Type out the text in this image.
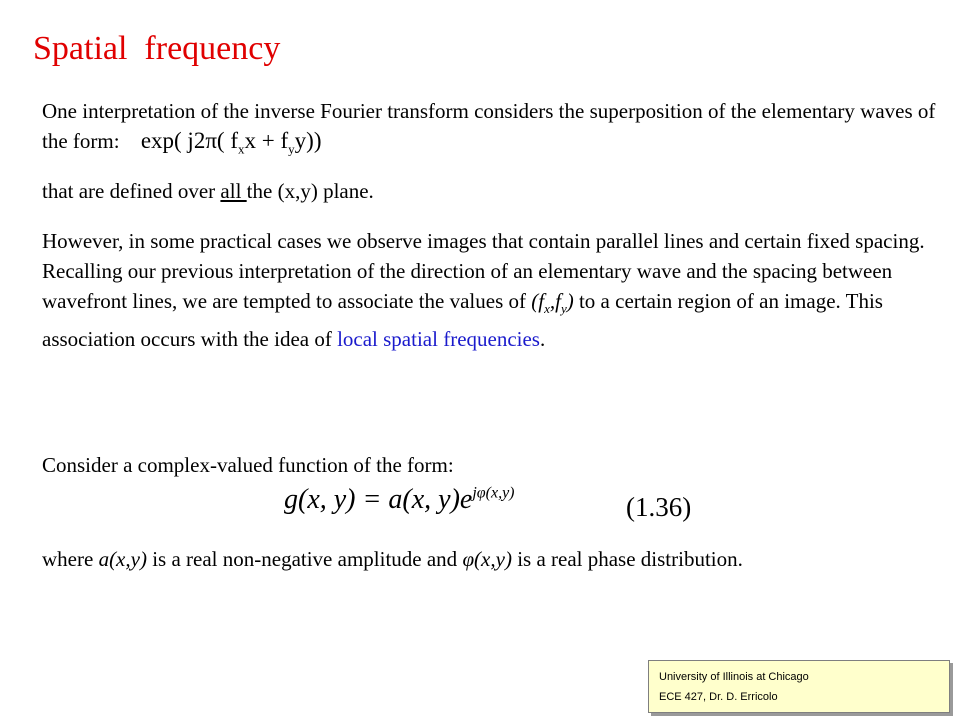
Spatial  frequency
One interpretation of the inverse Fourier transform considers the superposition of the elementary waves of the form: exp( j2π( $f_xx + f_yy$))
that are defined over all the (x,y) plane.
However, in some practical cases we observe images that contain parallel lines and certain fixed spacing. Recalling our previous interpretation of the direction of an elementary wave and the spacing between wavefront lines, we are tempted to associate the values of $(f_x,f_y)$ to a certain region of an image. This association occurs with the idea of local spatial frequencies.
Consider a complex-valued function of the form:
g(x, y) = a(x, $y)e^{j\varphi(x,y)}$	(1.36)
where a(x,y) is a real non-negative amplitude and φ(x,y) is a real phase distribution.
University of Illinois at Chicago
ECE 427, Dr. D. Erricolo
